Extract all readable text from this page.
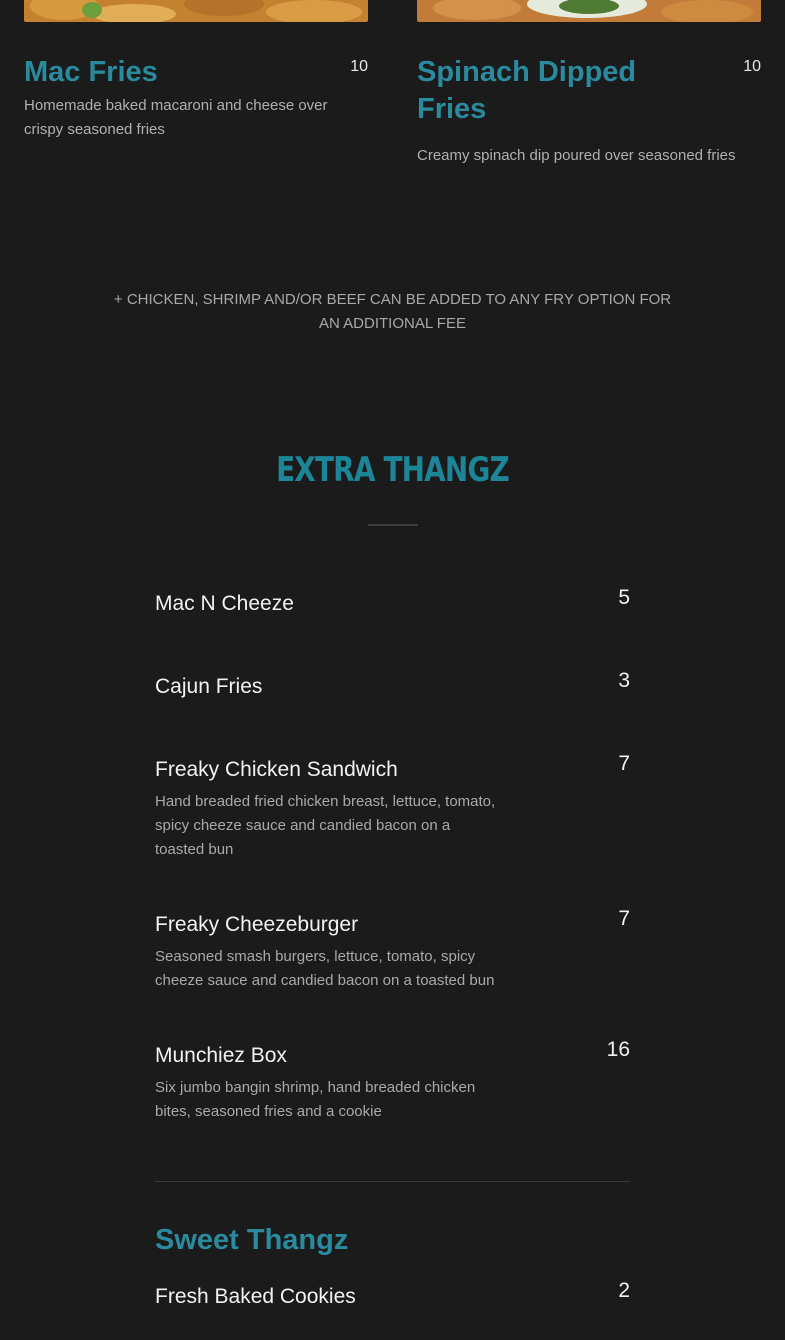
Mac Fries	10

Homemade baked macaroni and cheese over crispy seasoned fries

Spinach Dipped Fries
10

Creamy spinach dip poured over seasoned fries

+ CHICKEN, SHRIMP AND/OR BEEF CAN BE ADDED TO ANY FRY OPTION FOR AN ADDITIONAL FEE

EXTRA THANGZ
Mac N Cheeze	5
Cajun Fries	3
Freaky Chicken Sandwich	7
Hand breaded fried chicken breast, lettuce, tomato, spicy cheeze sauce and candied bacon on a toasted bun
Freaky Cheezeburger	7
Seasoned smash burgers, lettuce, tomato, spicy cheeze sauce and candied bacon on a toasted bun
Munchiez Box	16
Six jumbo bangin shrimp, hand breaded chicken bites, seasoned fries and a cookie
Sweet Thangz
Fresh Baked Cookies	2
